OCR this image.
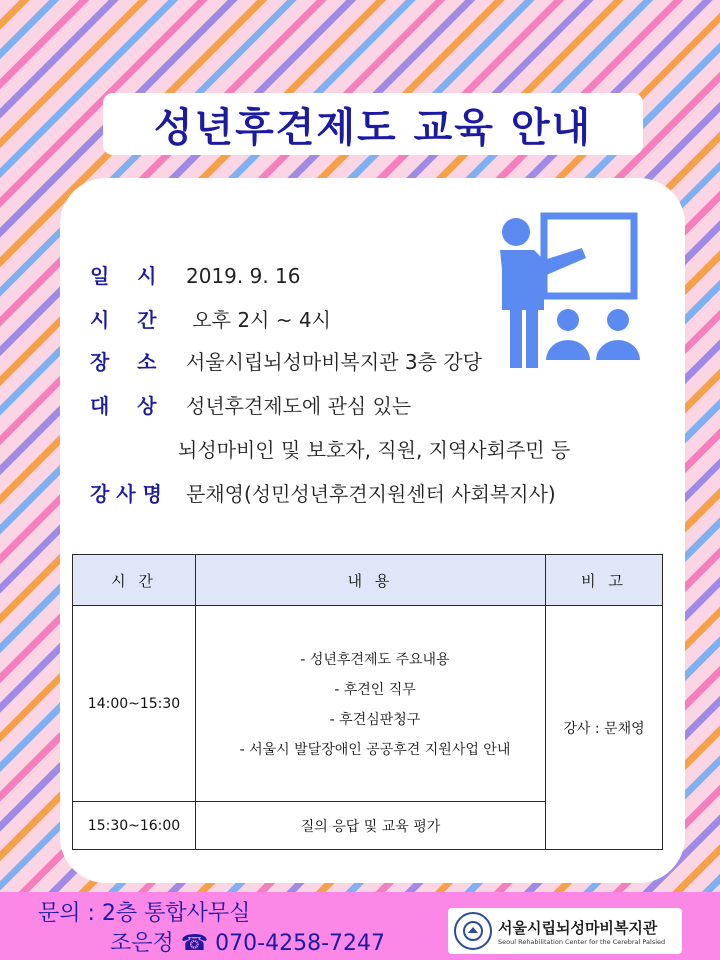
성년후견제도 교육 안내
일    시 2019. 9. 16
시    간 오후 2시 ~ 4시
장    소 서울시립뇌성마비복지관 3층 강당
대    상 성년후견제도에 관심 있는
뇌성마비인 및 보호자, 직원, 지역사회주민 등
강 사 명 문채영(성민성년후견지원센터 사회복지사)
시 간	내 용	비 고
14:00~15:30	- 성년후견제도 주요내용
- 후견인 직무
- 후견심판청구
- 서울시 발달장애인 공공후견 지원사업 안내	강사 : 문채영
15:30~16:00	질의 응답 및 교육 평가	
문의 : 2층 통합사무실
조은정 ☎ 070-4258-7247
서울시립뇌성마비복지관
Seoul Rehabilitation Center for the Cerebral Palsied
